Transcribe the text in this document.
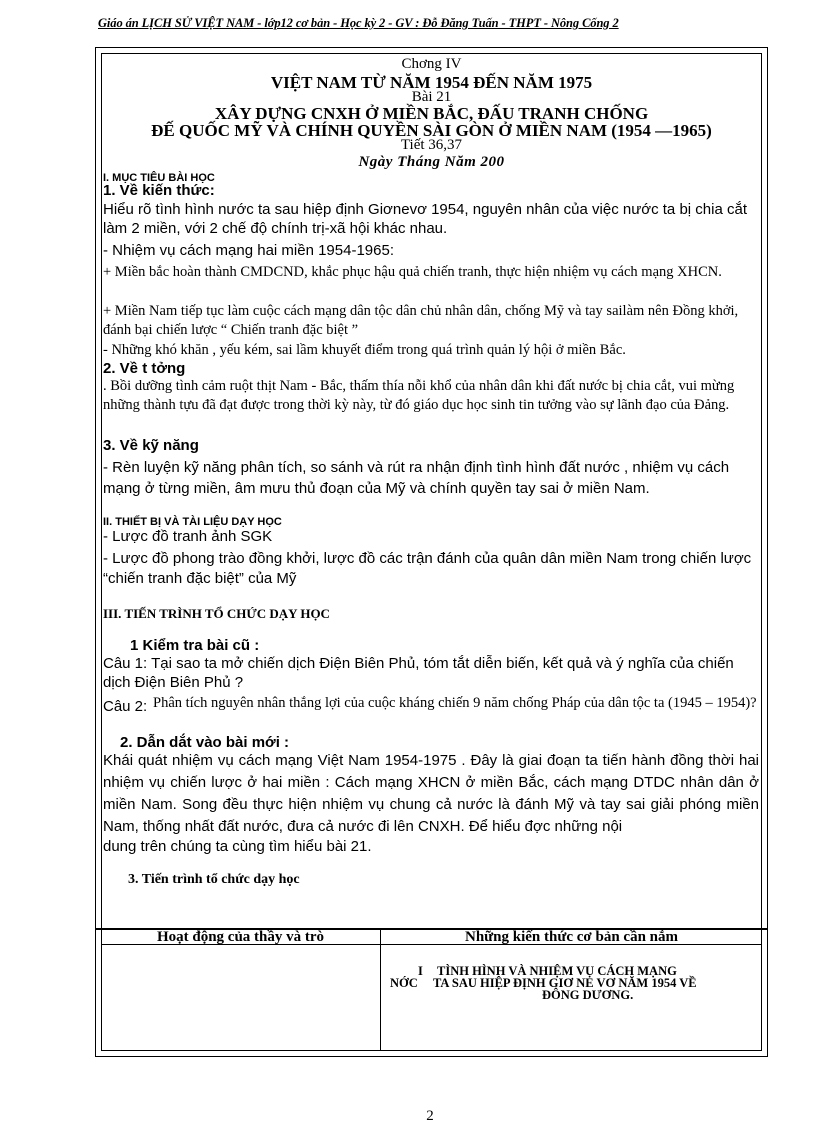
Giáo án LỊCH SỬ VIỆT NAM - lớp12 cơ bản - Học kỳ 2 - GV : Đỗ Đăng Tuấn - THPT - Nông Cống 2
Chơng IV
VIỆT NAM TỪ NĂM 1954 ĐẾN NĂM 1975
Bài 21
XÂY DỰNG CNXH Ở MIỀN BẮC, ĐẤU TRANH CHỐNG
ĐẾ QUỐC MỸ VÀ CHÍNH QUYỀN SÀI GÒN Ở MIỀN NAM (1954 —1965)
Tiết 36,37
Ngày Tháng Năm 200
I. MỤC TIÊU BÀI HỌC
1. Về kiến thức:
Hiểu rõ tình hình nước ta sau hiệp định Giơnevơ 1954, nguyên nhân của việc nước ta bị chia cắt làm 2 miền, với 2 chế độ chính trị-xã hội khác nhau.
- Nhiệm vụ cách mạng hai miền 1954-1965:
+ Miền bắc hoàn thành CMDCND, khắc phục hậu quả chiến tranh, thực hiện nhiệm vụ cách mạng XHCN.
+ Miền Nam tiếp tục làm cuộc cách mạng dân tộc dân chủ nhân dân, chống Mỹ và tay sailàm nên Đồng khởi, đánh bại chiến lược “ Chiến tranh đặc biệt ”
- Những khó khăn , yếu kém, sai lầm khuyết điểm trong quá trình quản lý hội ở miền Bắc.
2. Về t tởng
. Bồi dưỡng tình cảm ruột thịt Nam - Bắc, thấm thía nỗi khổ của nhân dân khi đất nước bị chia cắt, vui mừng những thành tựu đã đạt được trong thời kỳ này, từ đó giáo dục học sinh tin tưởng vào sự lãnh đạo của Đảng.
3. Về kỹ năng
- Rèn luyện kỹ năng phân tích, so sánh và rút ra nhận định tình hình đất nước , nhiệm vụ cách mạng ở từng miền, âm mưu thủ đoạn của Mỹ và chính quyền tay sai ở miền Nam.
II. THIẾT BỊ VÀ TÀI LIỆU DẠY HỌC
- Lược đồ tranh ảnh SGK
- Lược đồ phong trào đồng khởi, lược đồ các trận đánh của quân dân miền Nam trong chiến lược “chiến tranh đặc biệt” của Mỹ
III. TIẾN TRÌNH TỔ CHỨC DẠY HỌC
1 Kiểm tra bài cũ :
Câu 1: Tại sao ta mở chiến dịch Điện Biên Phủ, tóm tắt diễn biến, kết quả và ý nghĩa của chiến dịch Điện Biên Phủ ?
Câu 2: Phân tích nguyên nhân thắng lợi của cuộc kháng chiến 9 năm chống Pháp của dân tộc ta (1945 – 1954)?
2. Dẫn dắt vào bài mới :
Khái quát nhiệm vụ cách mạng Việt Nam 1954-1975 . Đây là giai đoạn ta tiến hành đồng thời hai nhiệm vụ chiến lược ở hai miền : Cách mạng XHCN ở miền Bắc, cách mạng DTDC nhân dân ở miền Nam. Song đều thực hiện nhiệm vụ chung cả nước là đánh Mỹ và tay sai giải phóng miền Nam, thống nhất đất nước, đưa cả nước đi lên CNXH. Để hiểu đợc những nội
dung trên chúng ta cùng tìm hiểu bài 21.
3. Tiến trình tổ chức dạy học
Hoạt động của thầy và trò	Những kiến thức cơ bản cần nắm
I TÌNH HÌNH VÀ NHIỆM VỤ CÁCH MẠNG
NỚC TA SAU HIỆP ĐỊNH GIƠ NE VƠ NĂM 1954 VỀ
ĐÔNG DƯƠNG.
2
